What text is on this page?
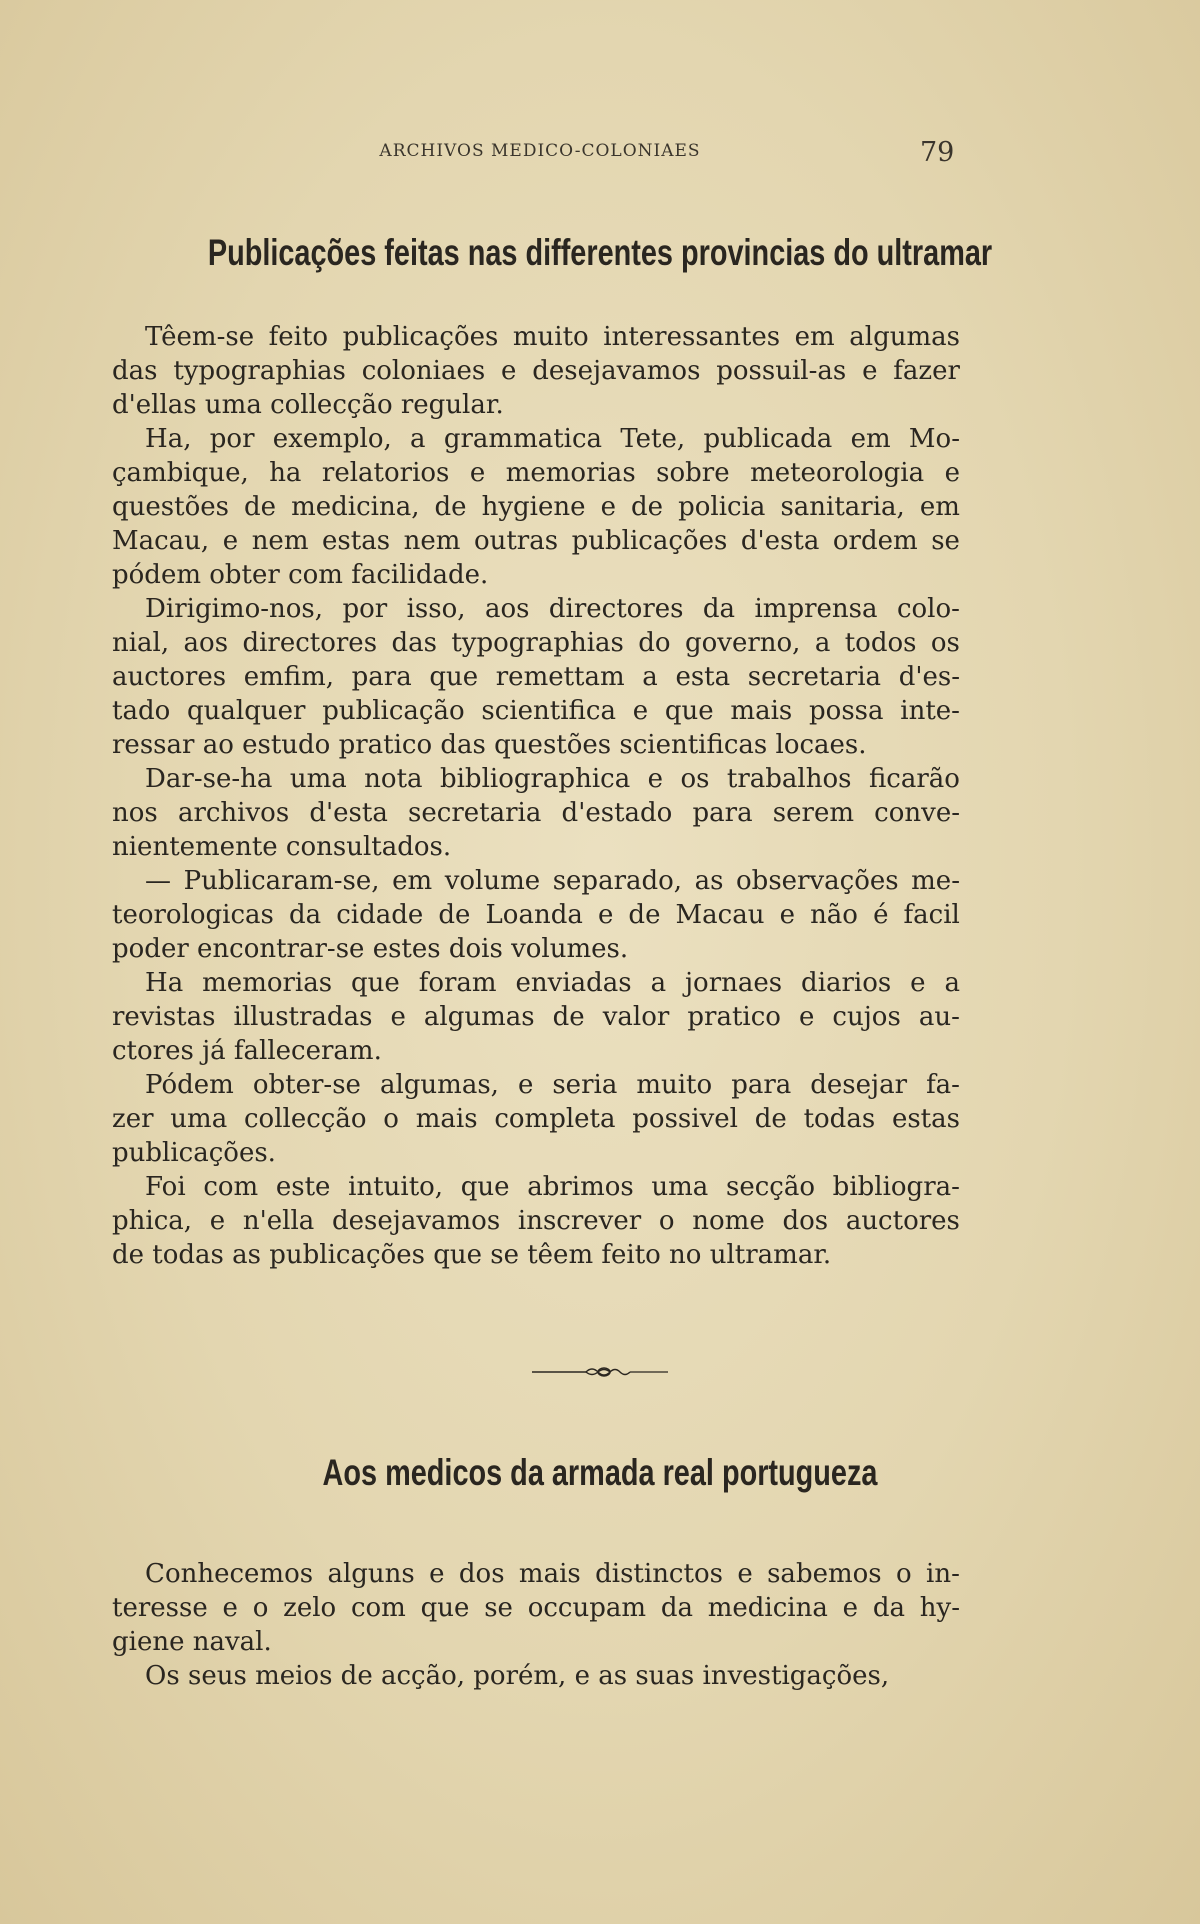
ARCHIVOS MEDICO-COLONIAES	79
Publicações feitas nas differentes provincias do ultramar
Têem-se feito publicações muito interessantes em algumas
das typographias coloniaes e desejavamos possuil-as e fazer
d'ellas uma collecção regular.
Ha, por exemplo, a grammatica Tete, publicada em Mo-
çambique, ha relatorios e memorias sobre meteorologia e
questões de medicina, de hygiene e de policia sanitaria, em
Macau, e nem estas nem outras publicações d'esta ordem se
pódem obter com facilidade.
Dirigimo-nos, por isso, aos directores da imprensa colo-
nial, aos directores das typographias do governo, a todos os
auctores emfim, para que remettam a esta secretaria d'es-
tado qualquer publicação scientifica e que mais possa inte-
ressar ao estudo pratico das questões scientificas locaes.
Dar-se-ha uma nota bibliographica e os trabalhos ficarão
nos archivos d'esta secretaria d'estado para serem conve-
nientemente consultados.
— Publicaram-se, em volume separado, as observações me-
teorologicas da cidade de Loanda e de Macau e não é facil
poder encontrar-se estes dois volumes.
Ha memorias que foram enviadas a jornaes diarios e a
revistas illustradas e algumas de valor pratico e cujos au-
ctores já falleceram.
Pódem obter-se algumas, e seria muito para desejar fa-
zer uma collecção o mais completa possivel de todas estas
publicações.
Foi com este intuito, que abrimos uma secção bibliogra-
phica, e n'ella desejavamos inscrever o nome dos auctores
de todas as publicações que se têem feito no ultramar.
Aos medicos da armada real portugueza
Conhecemos alguns e dos mais distinctos e sabemos o in-
teresse e o zelo com que se occupam da medicina e da hy-
giene naval.
Os seus meios de acção, porém, e as suas investigações,
